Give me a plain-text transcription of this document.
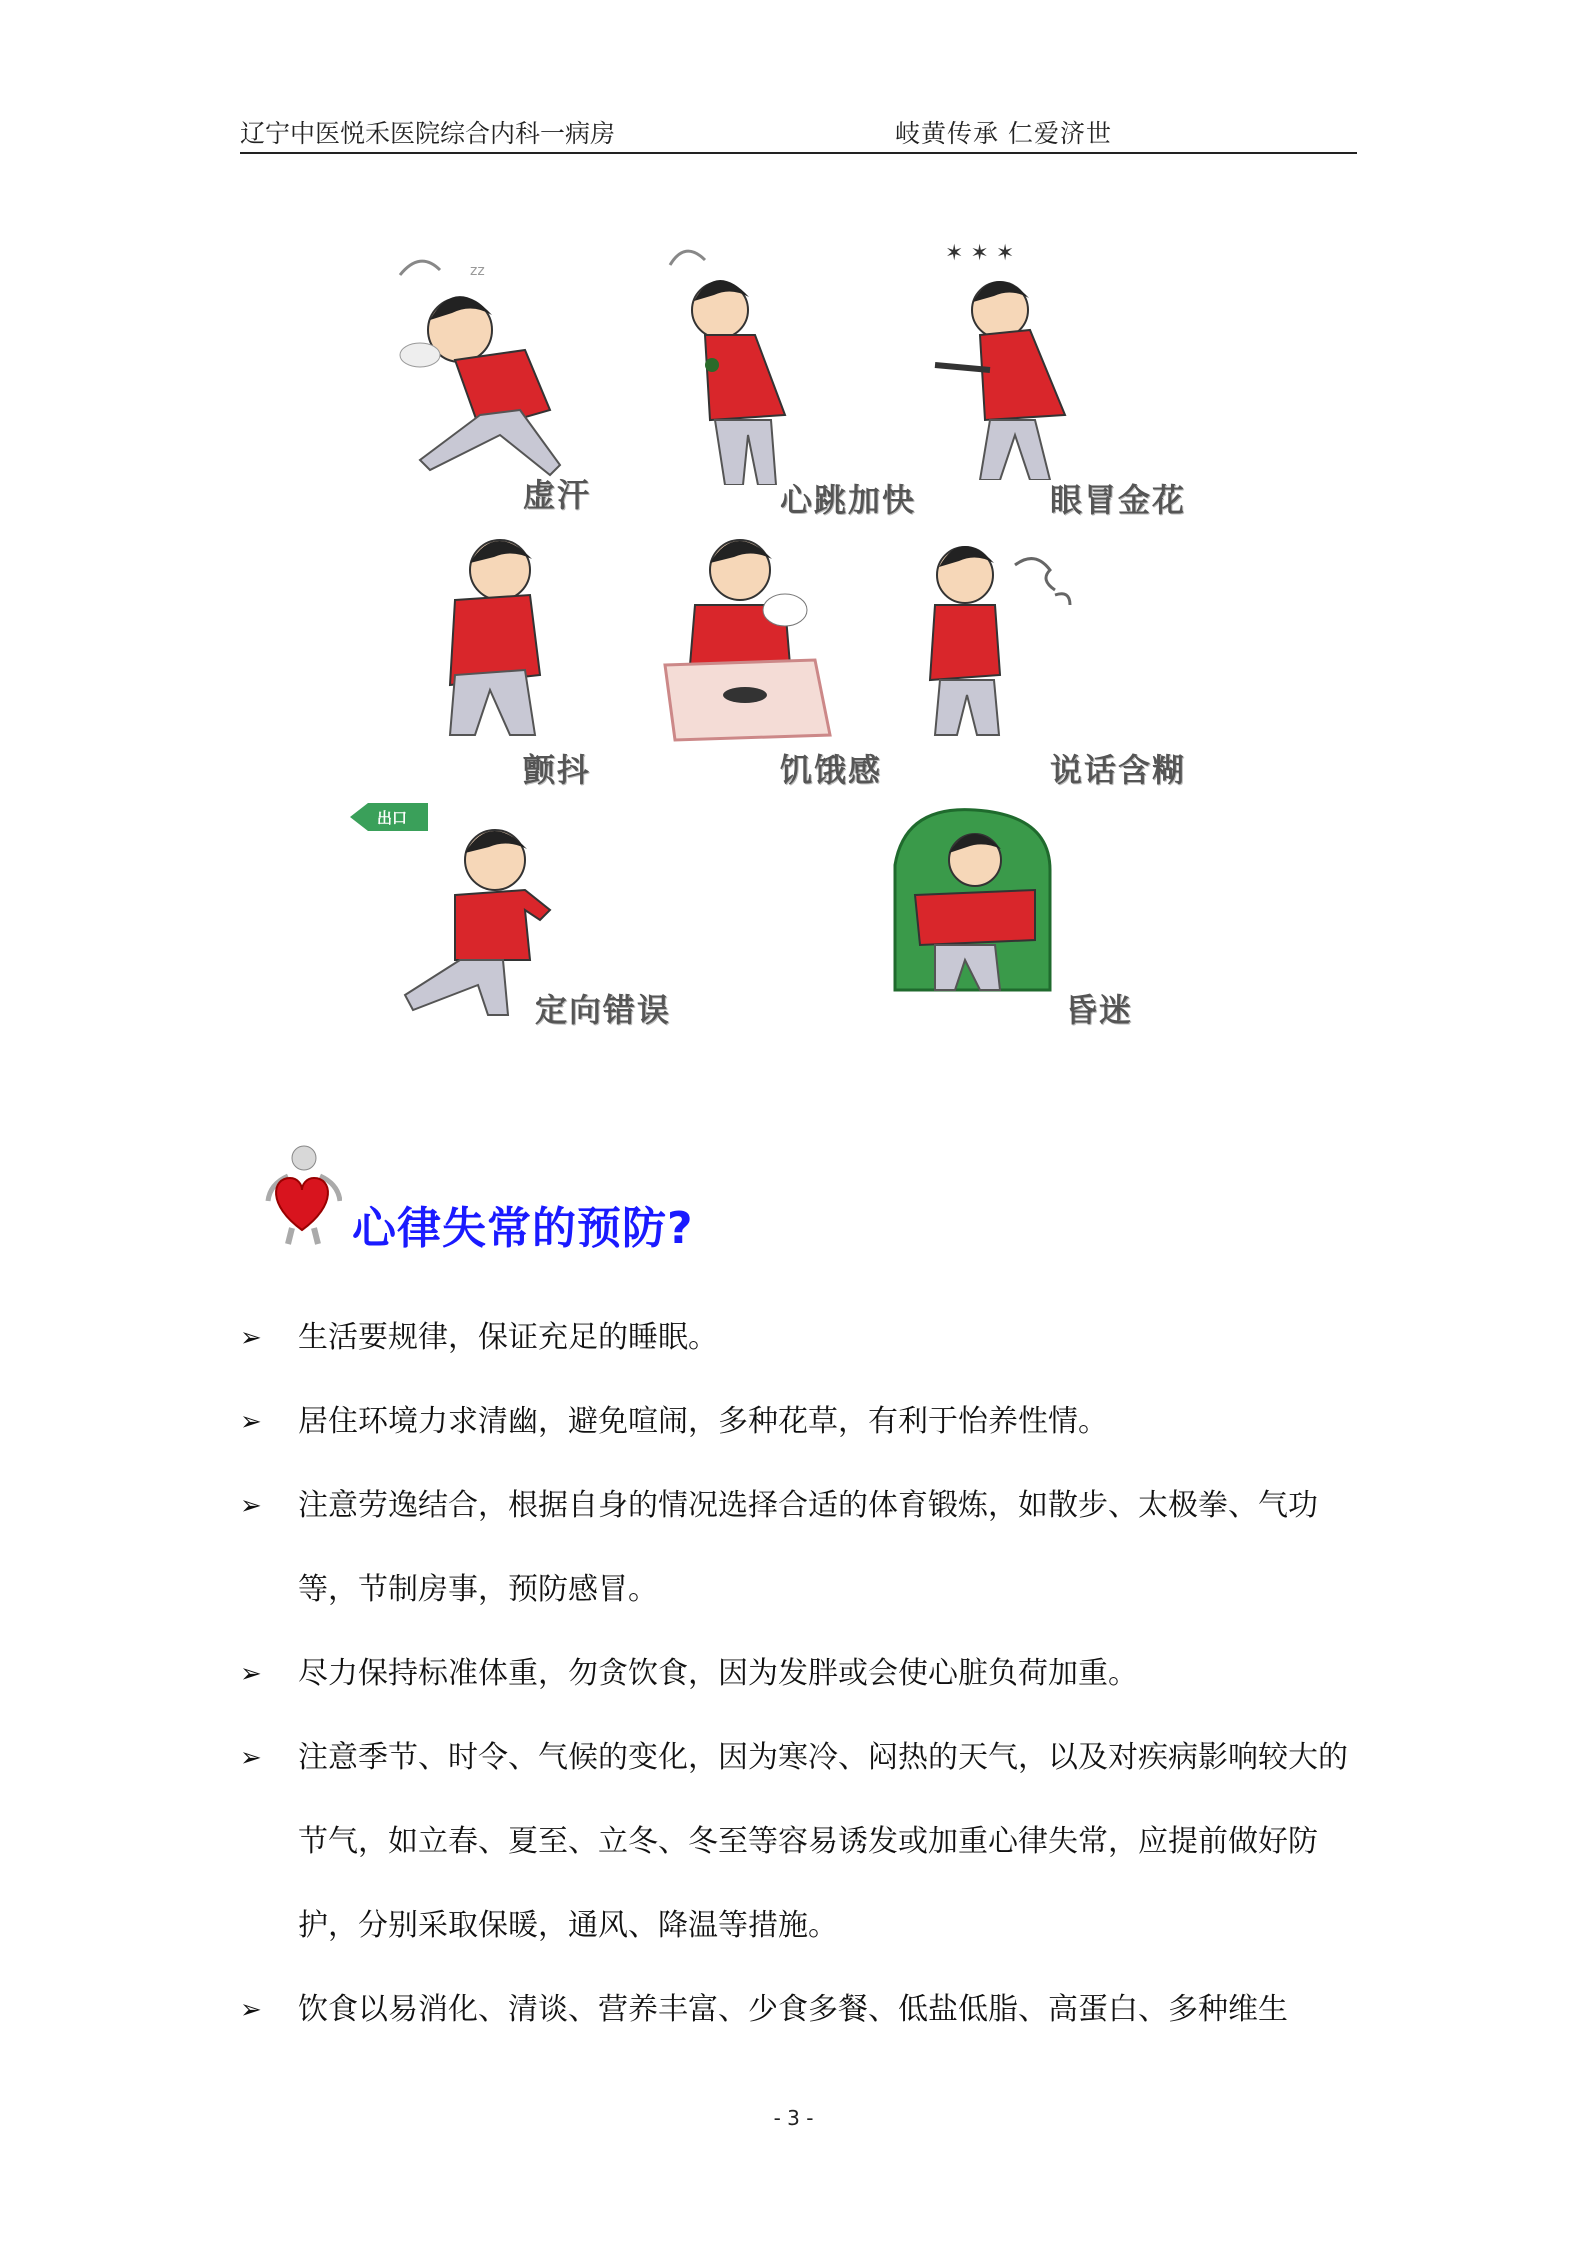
辽宁中医悦禾医院综合内科一病房	岐黄传承 仁爱济世
zz
虚汗	心跳加快
✶ ✶ ✶
眼冒金花
颤抖	饥饿感	说话含糊
出口
定向错误	昏迷
心律失常的预防?
➢ 生活要规律，保证充足的睡眠。
➢ 居住环境力求清幽，避免喧闹，多种花草，有利于怡养性情。
➢ 注意劳逸结合，根据自身的情况选择合适的体育锻炼，如散步、太极拳、气功等，节制房事，预防感冒。
➢ 尽力保持标准体重，勿贪饮食，因为发胖或会使心脏负荷加重。
➢ 注意季节、时令、气候的变化，因为寒冷、闷热的天气，以及对疾病影响较大的节气，如立春、夏至、立冬、冬至等容易诱发或加重心律失常，应提前做好防护，分别采取保暖，通风、降温等措施。
➢ 饮食以易消化、清谈、营养丰富、少食多餐、低盐低脂、高蛋白、多种维生
- 3 -
